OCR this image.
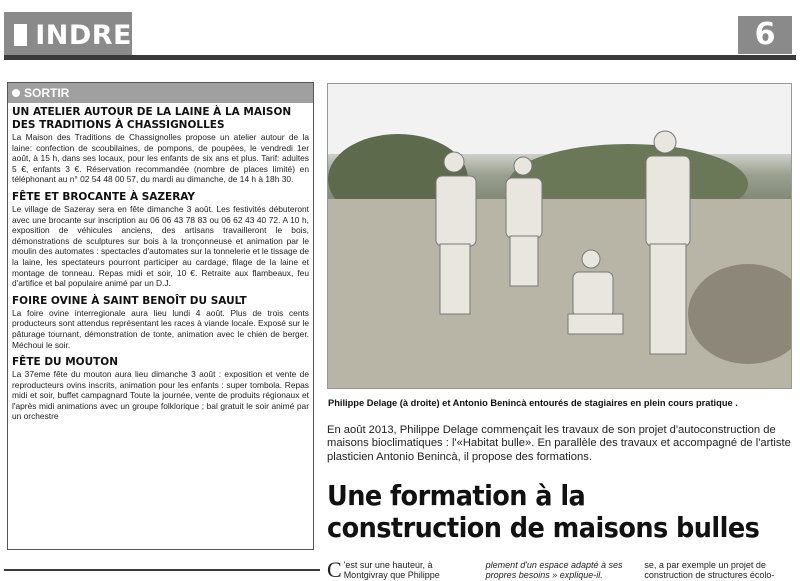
INDRE	6
SORTIR
UN ATELIER AUTOUR DE LA LAINE À LA MAISON DES TRADITIONS À CHASSIGNOLLES

La Maison des Traditions de Chassignolles propose un atelier autour de la laine: confection de scoubilaines, de pompons, de poupées, le vendredi 1er août, à 15 h, dans ses locaux, pour les enfants de six ans et plus. Tarif: adultes 5 €, enfants 3 €. Réservation recommandée (nombre de places limité) en téléphonant au n° 02 54 48 00 57, du mardi au dimanche, de 14 h à 18h 30.

FÊTE ET BROCANTE À SAZERAY

Le village de Sazeray sera en fête dimanche 3 août. Les festivités débuteront avec une brocante sur inscription au 06 06 43 78 83 ou 06 62 43 40 72. A 10 h, exposition de véhicules anciens, des artisans travailleront le bois, démonstrations de sculptures sur bois à la tronçonneuse et animation par le moulin des automates : spectacles d'automates sur la tonnelerie et le tissage de la laine, les spectateurs pourront participer au cardage, filage de la laine et montage de tonneau. Repas midi et soir, 10 €. Retraite aux flambeaux, feu d'artifice et bal populaire animé par un D.J.

FOIRE OVINE À SAINT BENOÎT DU SAULT

La foire ovine interregionale aura lieu lundi 4 août. Plus de trois cents producteurs sont attendus représentant les races à viande locale. Exposé sur le pâturage tournant, démonstration de tonte, animation avec le chien de berger. Méchoui le soir.

FÊTE DU MOUTON

La 37eme fête du mouton aura lieu dimanche 3 août : exposition et vente de reproducteurs ovins inscrits, animation pour les enfants : super tombola. Repas midi et soir, buffet campagnard Toute la journée, vente de produits régionaux et l'après midi animations avec un groupe folklorique ; bal gratuit le soir animé par un orchestre

Philippe Delage (à droite) et Antonio Benincà entourés de stagiaires en plein cours pratique .
En août 2013, Philippe Delage commençait les travaux de son projet d'autoconstruction de maisons bioclimatiques : l'«Habitat bulle». En parallèle des travaux et accompagné de l'artiste plasticien Antonio Benincà, il propose des formations.
Une formation à la construction de maisons bulles
C 'est sur une hauteur, à Montgivray que Philippe
plement d'un espace adapté à ses propres besoins » explique-il.
se, a par exemple un projet de construction de structures écolo-
